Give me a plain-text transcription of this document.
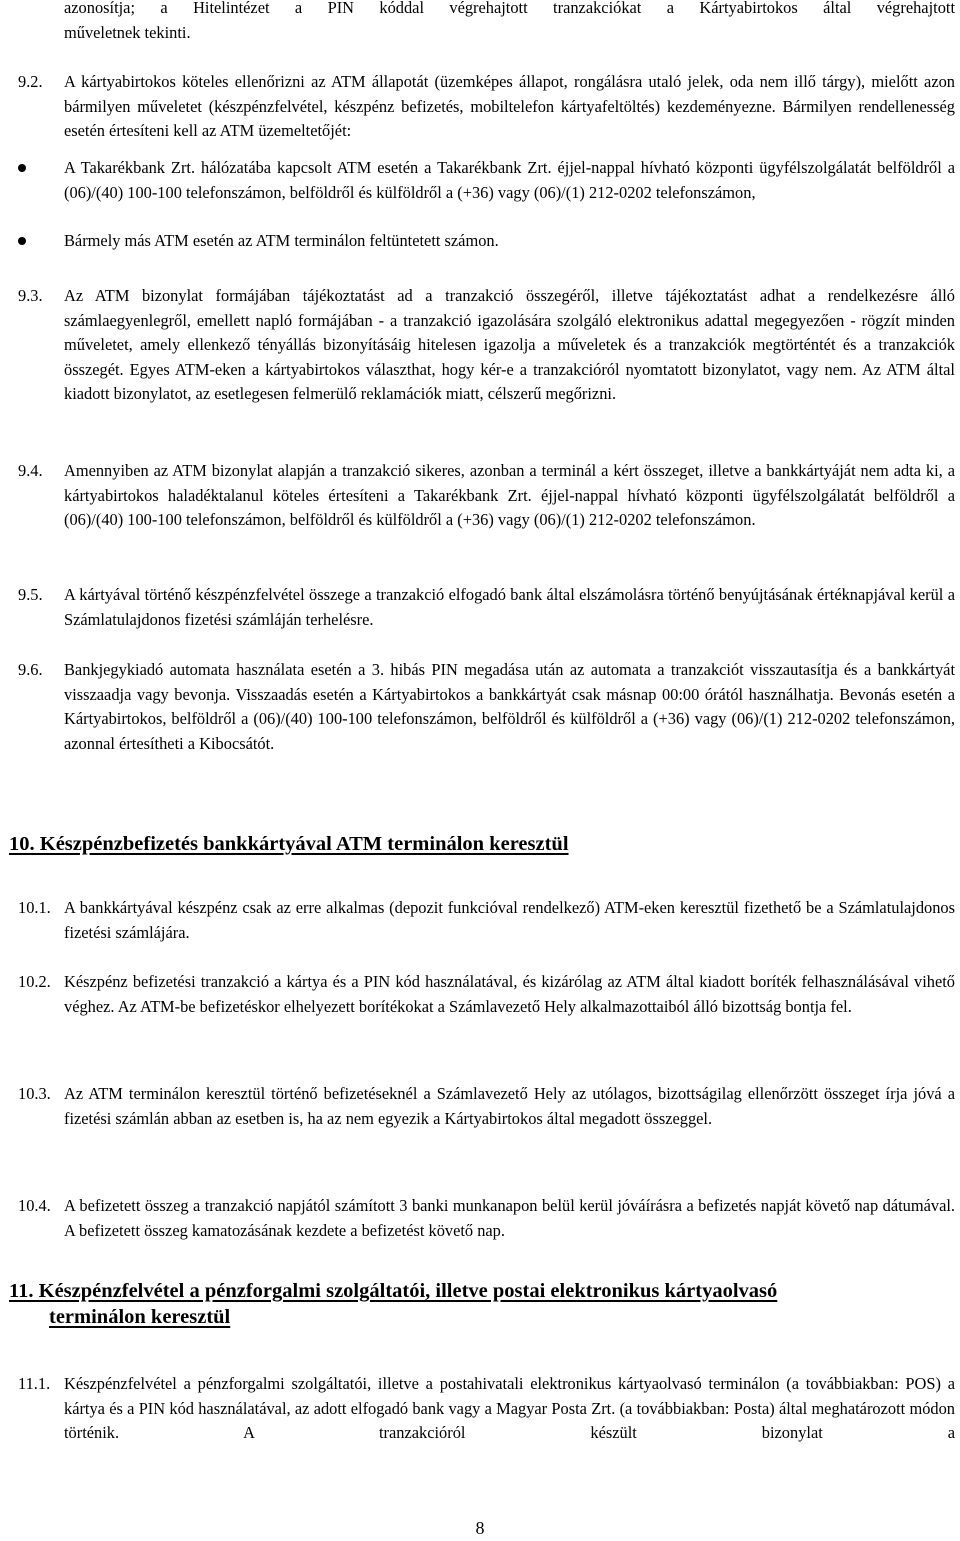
azonosítja; a Hitelintézet a PIN kóddal végrehajtott tranzakciókat a Kártyabirtokos által végrehajtott
műveletnek tekinti.
9.2. A kártyabirtokos köteles ellenőrizni az ATM állapotát (üzemképes állapot, rongálásra utaló jelek, oda nem illő tárgy), mielőtt azon bármilyen műveletet (készpénzfelvétel, készpénz befizetés, mobiltelefon kártyafeltöltés) kezdeményezne. Bármilyen rendellenesség esetén értesíteni kell az ATM üzemeltetőjét:
A Takarékbank Zrt. hálózatába kapcsolt ATM esetén a Takarékbank Zrt. éjjel-nappal hívható központi ügyfélszolgálatát belföldről a (06)/(40) 100-100 telefonszámon, belföldről és külföldről a (+36) vagy (06)/(1) 212-0202 telefonszámon,
Bármely más ATM esetén az ATM terminálon feltüntetett számon.
9.3. Az ATM bizonylat formájában tájékoztatást ad a tranzakció összegéről, illetve tájékoztatást adhat a rendelkezésre álló számlaegyenlegről, emellett napló formájában - a tranzakció igazolására szolgáló elektronikus adattal megegyezően - rögzít minden műveletet, amely ellenkező tényállás bizonyításáig hitelesen igazolja a műveletek és a tranzakciók megtörténtét és a tranzakciók összegét. Egyes ATM-eken a kártyabirtokos választhat, hogy kér-e a tranzakcióról nyomtatott bizonylatot, vagy nem. Az ATM által kiadott bizonylatot, az esetlegesen felmerülő reklamációk miatt, célszerű megőrizni.
9.4. Amennyiben az ATM bizonylat alapján a tranzakció sikeres, azonban a terminál a kért összeget, illetve a bankkártyáját nem adta ki, a kártyabirtokos haladéktalanul köteles értesíteni a Takarékbank Zrt. éjjel-nappal hívható központi ügyfélszolgálatát belföldről a (06)/(40) 100-100 telefonszámon, belföldről és külföldről a (+36) vagy (06)/(1) 212-0202 telefonszámon.
9.5. A kártyával történő készpénzfelvétel összege a tranzakció elfogadó bank által elszámolásra történő benyújtásának értéknapjával kerül a Számlatulajdonos fizetési számláján terhelésre.
9.6. Bankjegykiadó automata használata esetén a 3. hibás PIN megadása után az automata a tranzakciót visszautasítja és a bankkártyát visszaadja vagy bevonja. Visszaadás esetén a Kártyabirtokos a bankkártyát csak másnap 00:00 órától használhatja. Bevonás esetén a Kártyabirtokos, belföldről a (06)/(40) 100-100 telefonszámon, belföldről és külföldről a (+36) vagy (06)/(1) 212-0202 telefonszámon, azonnal értesítheti a Kibocsátót.
10. Készpénzbefizetés bankkártyával ATM terminálon keresztül
10.1. A bankkártyával készpénz csak az erre alkalmas (depozit funkcióval rendelkező) ATM-eken keresztül fizethető be a Számlatulajdonos fizetési számlájára.
10.2. Készpénz befizetési tranzakció a kártya és a PIN kód használatával, és kizárólag az ATM által kiadott boríték felhasználásával vihető véghez. Az ATM-be befizetéskor elhelyezett borítékokat a Számlavezető Hely alkalmazottaiból álló bizottság bontja fel.
10.3. Az ATM terminálon keresztül történő befizetéseknél a Számlavezető Hely az utólagos, bizottságilag ellenőrzött összeget írja jóvá a fizetési számlán abban az esetben is, ha az nem egyezik a Kártyabirtokos által megadott összeggel.
10.4. A befizetett összeg a tranzakció napjától számított 3 banki munkanapon belül kerül jóváírásra a befizetés napját követő nap dátumával. A befizetett összeg kamatozásának kezdete a befizetést követő nap.
11. Készpénzfelvétel a pénzforgalmi szolgáltatói, illetve postai elektronikus kártyaolvasó
terminálon keresztül
11.1. Készpénzfelvétel a pénzforgalmi szolgáltatói, illetve a postahivatali elektronikus kártyaolvasó terminálon (a továbbiakban: POS) a kártya és a PIN kód használatával, az adott elfogadó bank vagy a Magyar Posta Zrt. (a továbbiakban: Posta) által meghatározott módon történik. A tranzakcióról készült bizonylat a
8
